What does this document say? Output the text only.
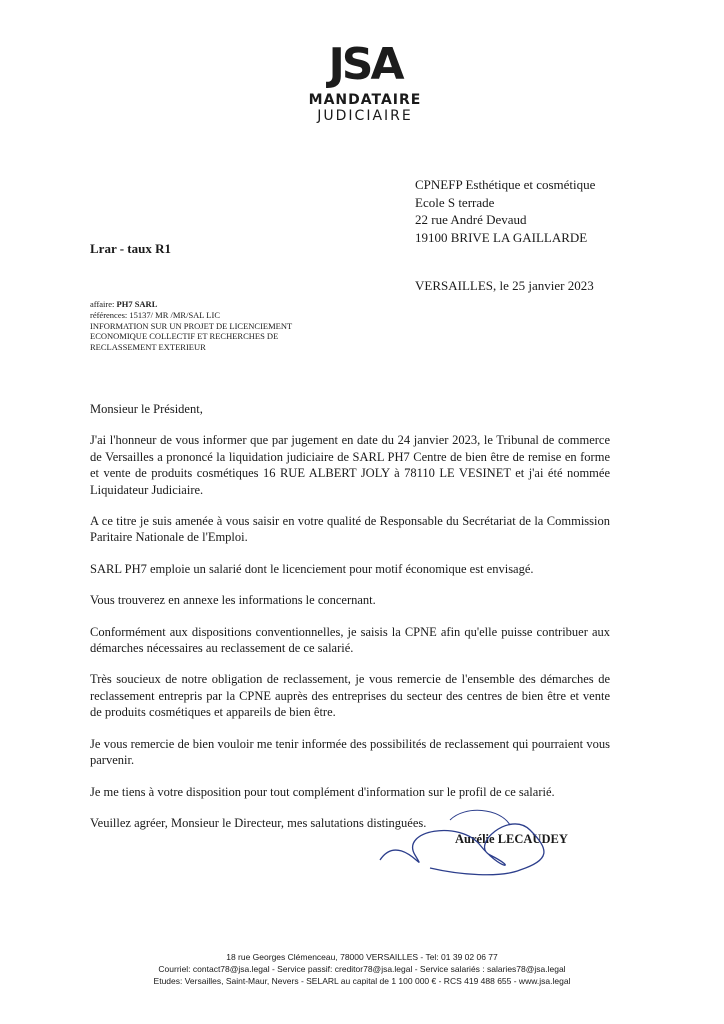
JSA
MANDATAIRE
JUDICIAIRE
CPNEFP Esthétique et cosmétique
Ecole S terrade
22 rue André Devaud
19100 BRIVE LA GAILLARDE
Lrar - taux R1
VERSAILLES, le 25 janvier 2023
affaire: PH7 SARL
références: 15137/ MR /MR/SAL LIC
INFORMATION SUR UN PROJET DE LICENCIEMENT
ECONOMIQUE COLLECTIF ET RECHERCHES DE
RECLASSEMENT EXTERIEUR

Monsieur le Président,

J'ai l'honneur de vous informer que par jugement en date du 24 janvier 2023, le Tribunal de commerce de Versailles a prononcé la liquidation judiciaire de SARL PH7 Centre de bien être de remise en forme et vente de produits cosmétiques 16 RUE ALBERT JOLY à 78110 LE VESINET et j'ai été nommée Liquidateur Judiciaire.

A ce titre je suis amenée à vous saisir en votre qualité de Responsable du Secrétariat de la Commission Paritaire Nationale de l'Emploi.

SARL PH7 emploie un salarié dont le licenciement pour motif économique est envisagé.

Vous trouverez en annexe les informations le concernant.

Conformément aux dispositions conventionnelles, je saisis la CPNE afin qu'elle puisse contribuer aux démarches nécessaires au reclassement de ce salarié.

Très soucieux de notre obligation de reclassement, je vous remercie de l'ensemble des démarches de reclassement entrepris par la CPNE auprès des entreprises du secteur des centres de bien être et vente de produits cosmétiques et appareils de bien être.

Je vous remercie de bien vouloir me tenir informée des possibilités de reclassement qui pourraient vous parvenir.

Je me tiens à votre disposition pour tout complément d'information sur le profil de ce salarié.

Veuillez agréer, Monsieur le Directeur, mes salutations distinguées.

Aurélie LECAUDEY
18 rue Georges Clémenceau, 78000 VERSAILLES - Tel: 01 39 02 06 77
Courriel: contact78@jsa.legal - Service passif: creditor78@jsa.legal - Service salariés : salaries78@jsa.legal
Etudes: Versailles, Saint-Maur, Nevers - SELARL au capital de 1 100 000 € - RCS 419 488 655 - www.jsa.legal
